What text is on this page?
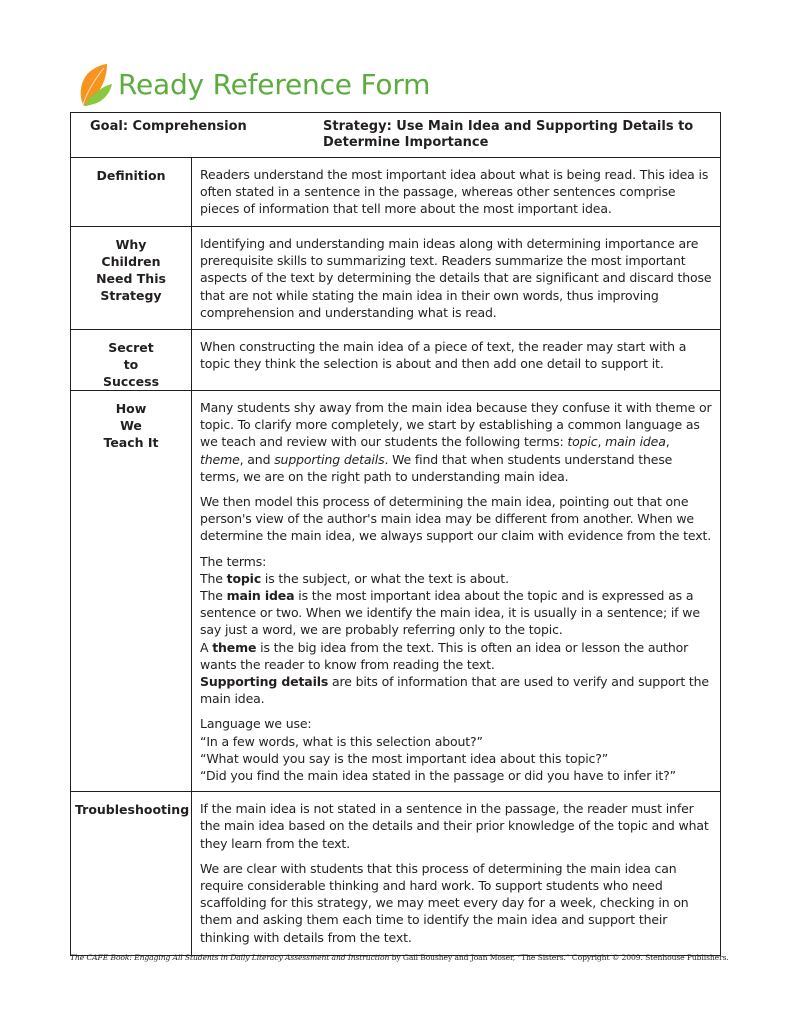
Ready Reference Form
Goal: Comprehension	Strategy: Use Main Idea and Supporting Details to Determine Importance
Definition	Readers understand the most important idea about what is being read. This idea is often stated in a sentence in the passage, whereas other sentences comprise pieces of information that tell more about the most important idea.
Why Children Need This Strategy
Identifying and understanding main ideas along with determining importance are prerequisite skills to summarizing text. Readers summarize the most important aspects of the text by determining the details that are significant and discard those that are not while stating the main idea in their own words, thus improving comprehension and understanding what is read.
Secret to Success
When constructing the main idea of a piece of text, the reader may start with a topic they think the selection is about and then add one detail to support it.
How We Teach It

Many students shy away from the main idea because they confuse it with theme or topic. To clarify more completely, we start by establishing a common language as we teach and review with our students the following terms: topic, main idea, theme, and supporting details. We find that when students understand these terms, we are on the right path to understanding main idea.

We then model this process of determining the main idea, pointing out that one person's view of the author's main idea may be different from another. When we determine the main idea, we always support our claim with evidence from the text.

The terms:
The topic is the subject, or what the text is about.
The main idea is the most important idea about the topic and is expressed as a sentence or two. When we identify the main idea, it is usually in a sentence; if we say just a word, we are probably referring only to the topic.
A theme is the big idea from the text. This is often an idea or lesson the author wants the reader to know from reading the text.
Supporting details are bits of information that are used to verify and support the main idea.

Language we use:
“In a few words, what is this selection about?”
“What would you say is the most important idea about this topic?”
“Did you find the main idea stated in the passage or did you have to infer it?”

Troubleshooting If the main idea is not stated in a sentence in the passage, the reader must infer the main idea based on the details and their prior knowledge of the topic and what they learn from the text.

We are clear with students that this process of determining the main idea can require considerable thinking and hard work. To support students who need scaffolding for this strategy, we may meet every day for a week, checking in on them and asking them each time to identify the main idea and support their thinking with details from the text.

The CAFE Book: Engaging All Students in Daily Literacy Assessment and Instruction by Gail Boushey and Joan Moser, “The Sisters.” Copyright © 2009. Stenhouse Publishers.
